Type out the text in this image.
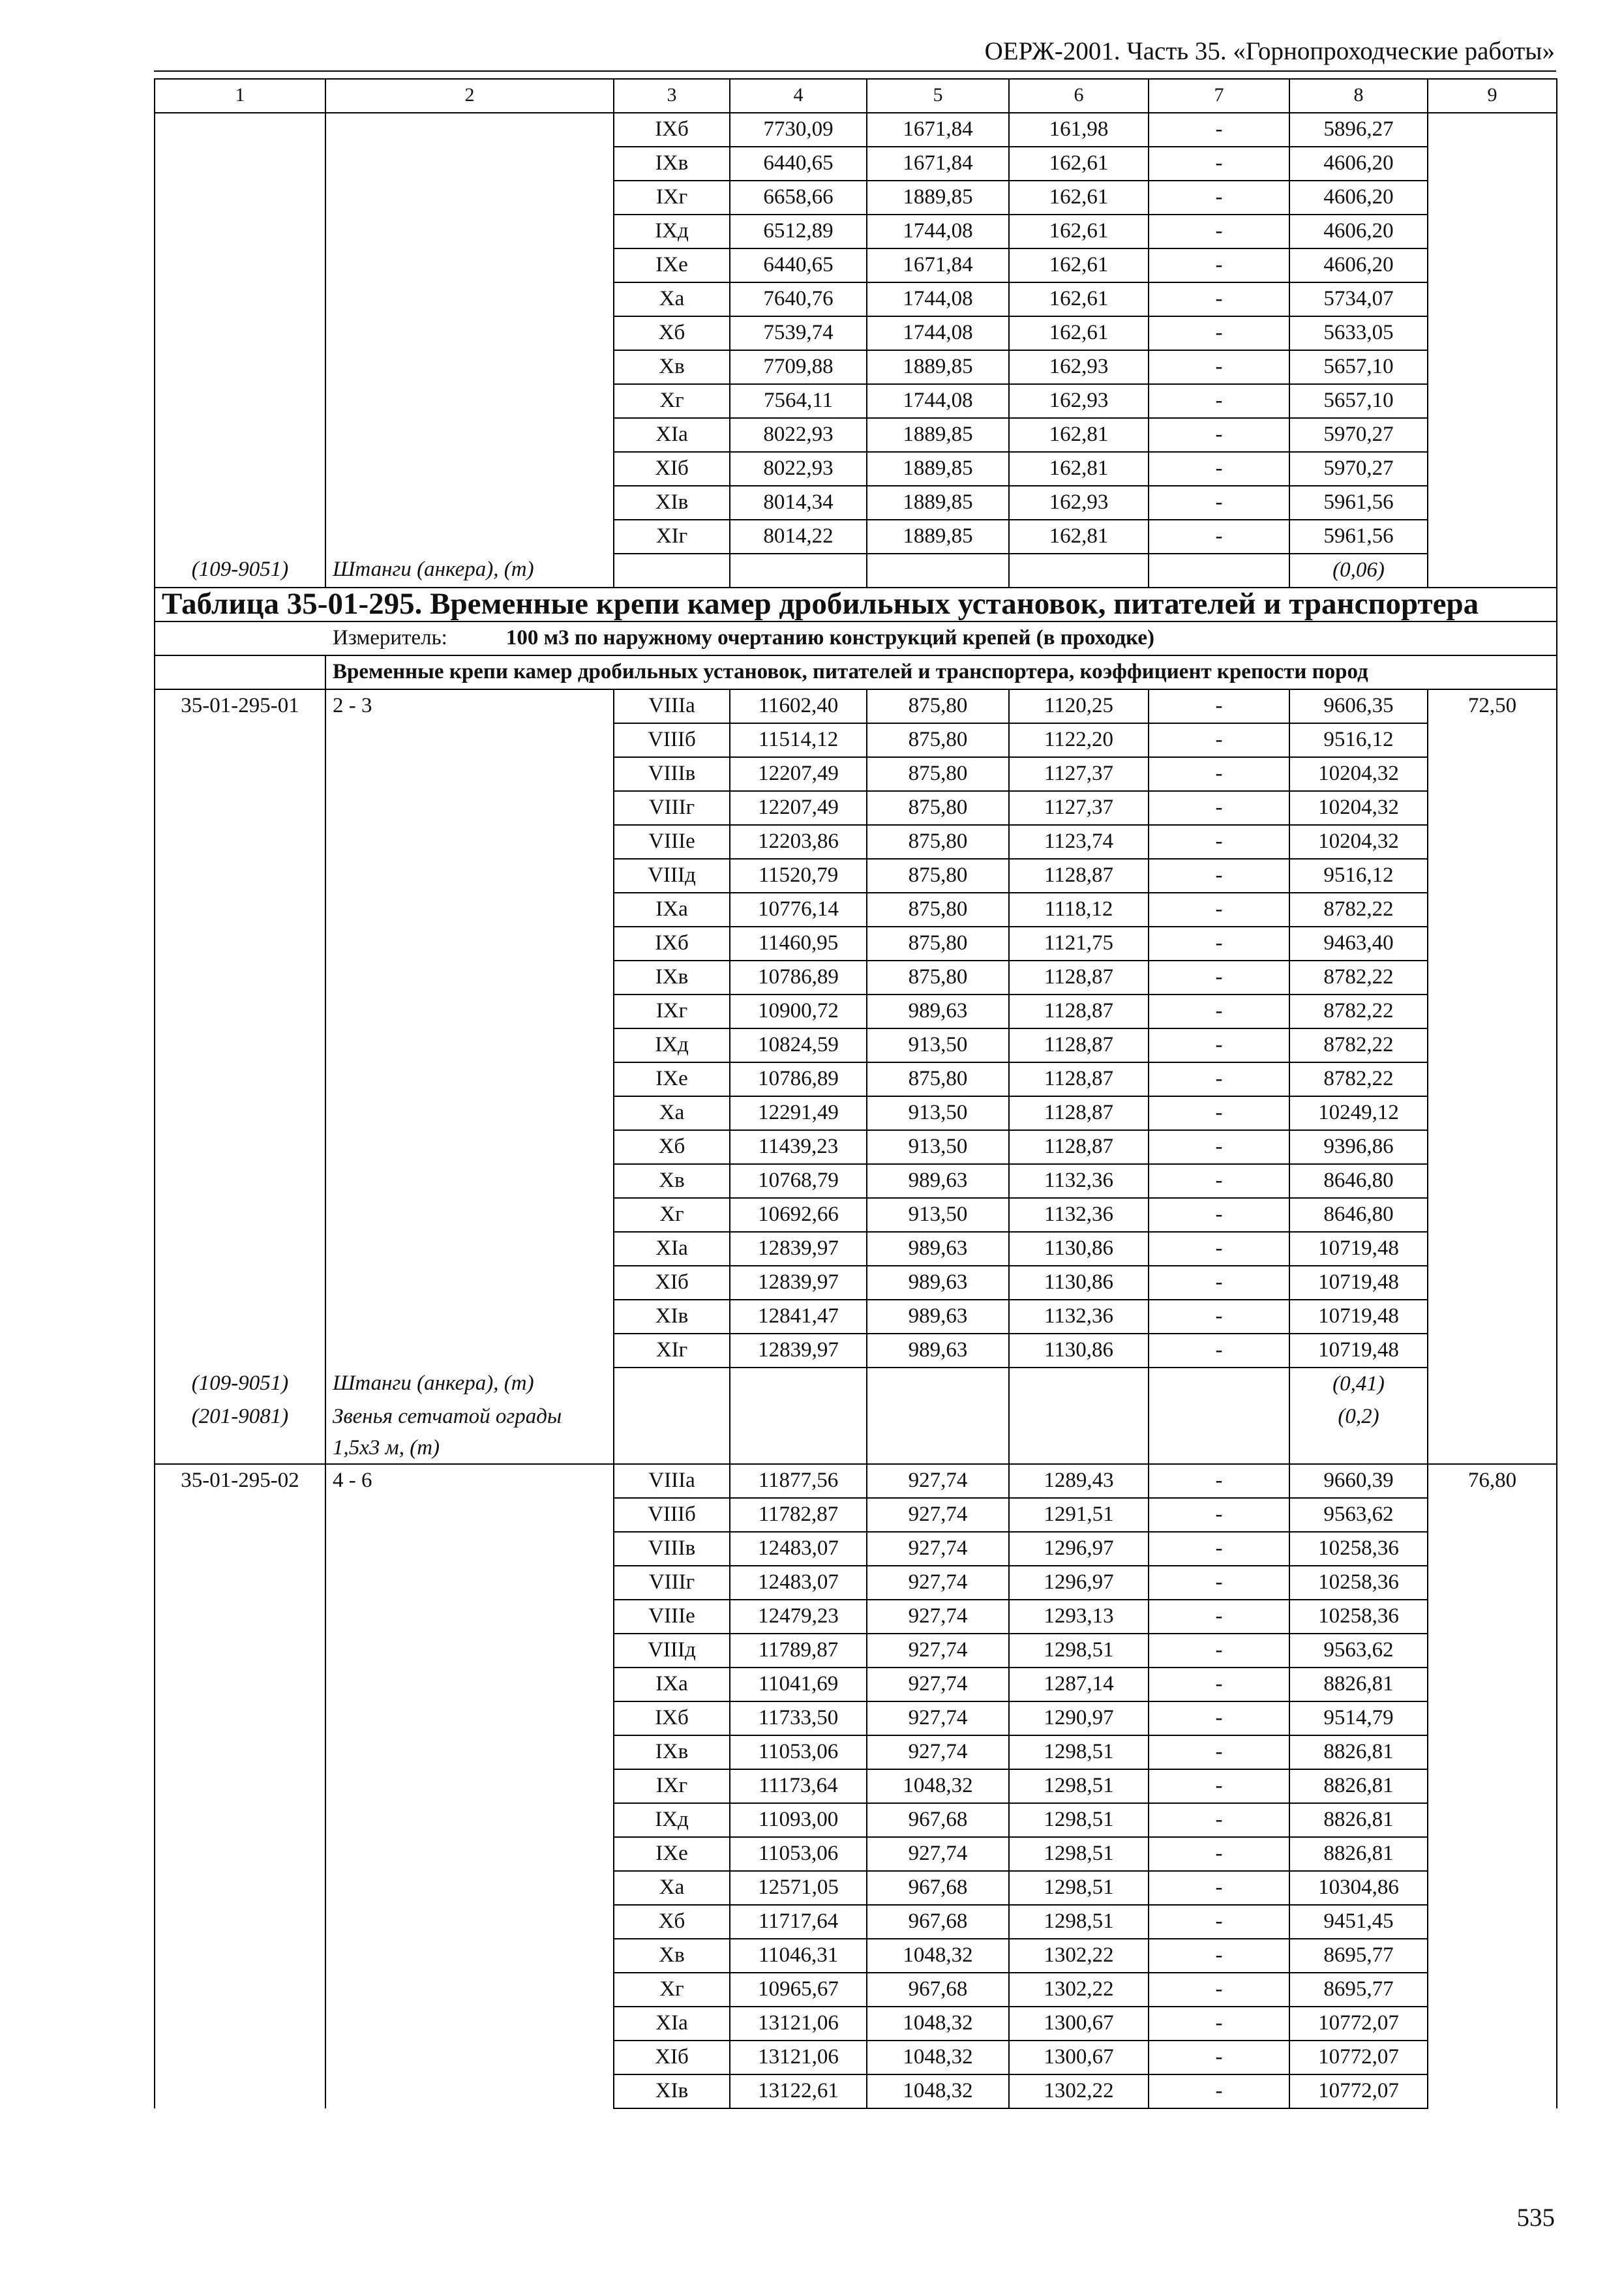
ОЕРЖ-2001. Часть 35. «Горнопроходческие работы»
1	2	3	4	5	6	7	8	9
		IXб	7730,09	1671,84	161,98	-	5896,27	
		IXв	6440,65	1671,84	162,61	-	4606,20	
		IXг	6658,66	1889,85	162,61	-	4606,20	
		IXд	6512,89	1744,08	162,61	-	4606,20	
		IXе	6440,65	1671,84	162,61	-	4606,20	
		Xа	7640,76	1744,08	162,61	-	5734,07	
		Xб	7539,74	1744,08	162,61	-	5633,05	
		Xв	7709,88	1889,85	162,93	-	5657,10	
		Xг	7564,11	1744,08	162,93	-	5657,10	
		XIа	8022,93	1889,85	162,81	-	5970,27	
		XIб	8022,93	1889,85	162,81	-	5970,27	
		XIв	8014,34	1889,85	162,93	-	5961,56	
		XIг	8014,22	1889,85	162,81	-	5961,56	
(109-9051)	Штанги (анкера), (т)						(0,06)	
Таблица 35-01-295. Временные крепи камер дробильных установок, питателей и транспортера								
Измеритель: 100 м3 по наружному очертанию конструкций крепей (в проходке)								
	Временные крепи камер дробильных установок, питателей и транспортера, коэффициент крепости пород							
35-01-295-01	2 - 3	VIIIа	11602,40	875,80	1120,25	-	9606,35	72,50
		VIIIб	11514,12	875,80	1122,20	-	9516,12	
		VIIIв	12207,49	875,80	1127,37	-	10204,32	
		VIIIг	12207,49	875,80	1127,37	-	10204,32	
		VIIIе	12203,86	875,80	1123,74	-	10204,32	
		VIIIд	11520,79	875,80	1128,87	-	9516,12	
		IXа	10776,14	875,80	1118,12	-	8782,22	
		IXб	11460,95	875,80	1121,75	-	9463,40	
		IXв	10786,89	875,80	1128,87	-	8782,22	
		IXг	10900,72	989,63	1128,87	-	8782,22	
		IXд	10824,59	913,50	1128,87	-	8782,22	
		IXе	10786,89	875,80	1128,87	-	8782,22	
		Xа	12291,49	913,50	1128,87	-	10249,12	
		Xб	11439,23	913,50	1128,87	-	9396,86	
		Xв	10768,79	989,63	1132,36	-	8646,80	
		Xг	10692,66	913,50	1132,36	-	8646,80	
		XIа	12839,97	989,63	1130,86	-	10719,48	
		XIб	12839,97	989,63	1130,86	-	10719,48	
		XIв	12841,47	989,63	1132,36	-	10719,48	
		XIг	12839,97	989,63	1130,86	-	10719,48	
(109-9051)	Штанги (анкера), (т)						(0,41)	
(201-9081)	Звенья сетчатой ограды 1,5х3 м, (т)						(0,2)	
35-01-295-02	4 - 6	VIIIа	11877,56	927,74	1289,43	-	9660,39	76,80
		VIIIб	11782,87	927,74	1291,51	-	9563,62	
		VIIIв	12483,07	927,74	1296,97	-	10258,36	
		VIIIг	12483,07	927,74	1296,97	-	10258,36	
		VIIIе	12479,23	927,74	1293,13	-	10258,36	
		VIIIд	11789,87	927,74	1298,51	-	9563,62	
		IXа	11041,69	927,74	1287,14	-	8826,81	
		IXб	11733,50	927,74	1290,97	-	9514,79	
		IXв	11053,06	927,74	1298,51	-	8826,81	
		IXг	11173,64	1048,32	1298,51	-	8826,81	
		IXд	11093,00	967,68	1298,51	-	8826,81	
		IXе	11053,06	927,74	1298,51	-	8826,81	
		Xа	12571,05	967,68	1298,51	-	10304,86	
		Xб	11717,64	967,68	1298,51	-	9451,45	
		Xв	11046,31	1048,32	1302,22	-	8695,77	
		Xг	10965,67	967,68	1302,22	-	8695,77	
		XIа	13121,06	1048,32	1300,67	-	10772,07	
		XIб	13121,06	1048,32	1300,67	-	10772,07	
		XIв	13122,61	1048,32	1302,22	-	10772,07	
535
